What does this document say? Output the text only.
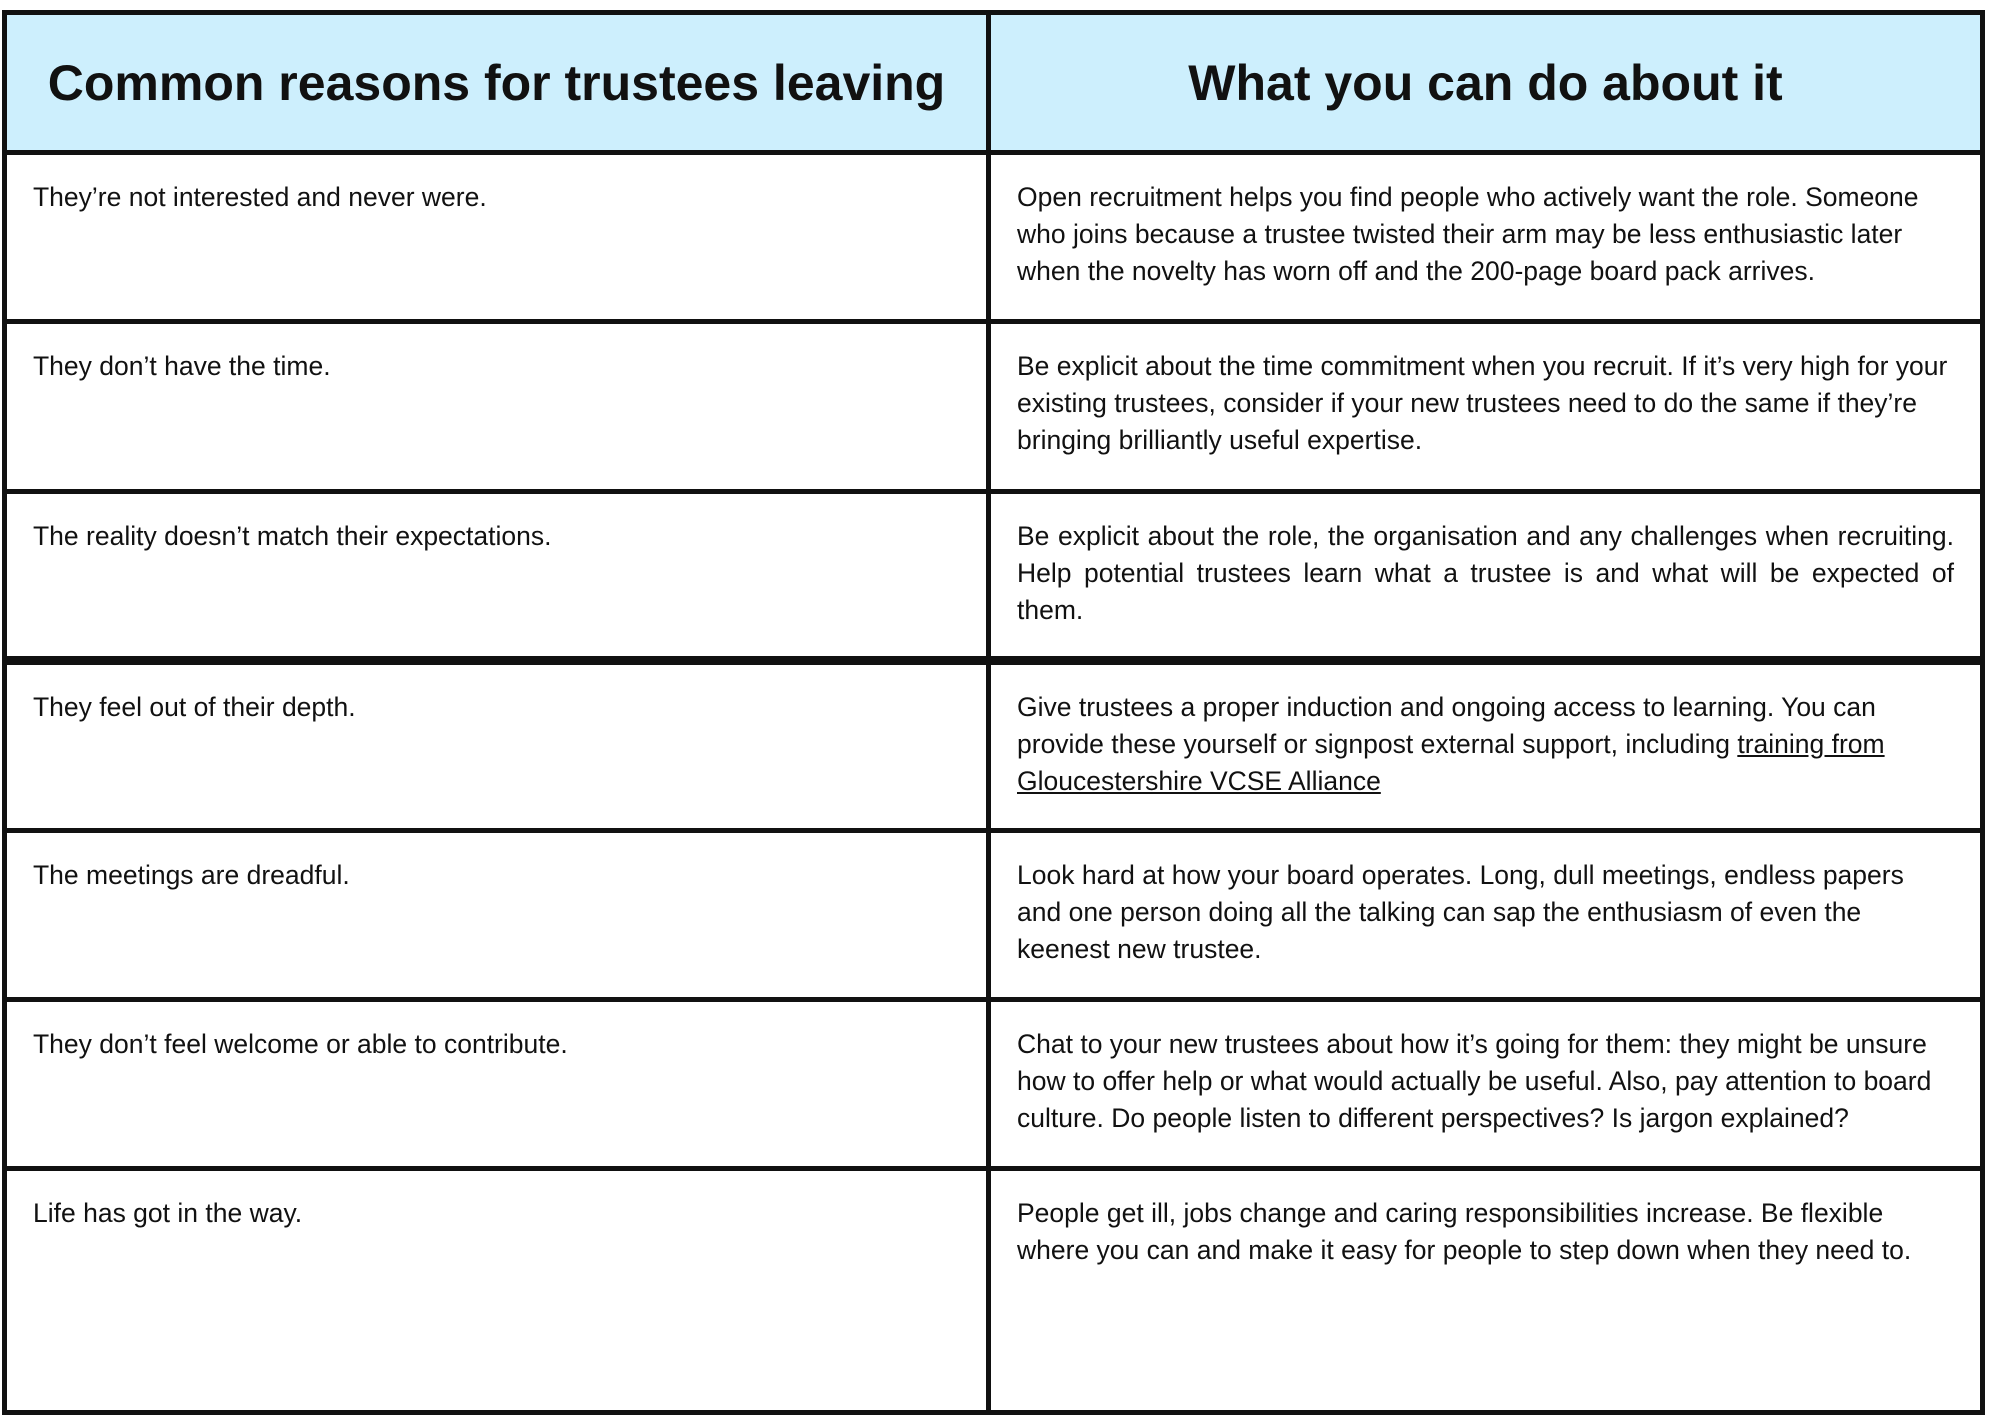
Common reasons for trustees leaving	What you can do about it
They’re not interested and never were.	Open recruitment helps you find people who actively want the role. Someone who joins because a trustee twisted their arm may be less enthusiastic later when the novelty has worn off and the 200-page board pack arrives.
They don’t have the time.	Be explicit about the time commitment when you recruit. If it’s very high for your existing trustees, consider if your new trustees need to do the same if they’re bringing brilliantly useful expertise.
The reality doesn’t match their expectations.	Be explicit about the role, the organisation and any challenges when recruiting. Help potential trustees learn what a trustee is and what will be expected of them.
They feel out of their depth.	Give trustees a proper induction and ongoing access to learning. You can provide these yourself or signpost external support, including training from Gloucestershire VCSE Alliance
The meetings are dreadful.	Look hard at how your board operates. Long, dull meetings, endless papers and one person doing all the talking can sap the enthusiasm of even the keenest new trustee.
They don’t feel welcome or able to contribute.	Chat to your new trustees about how it’s going for them: they might be unsure how to offer help or what would actually be useful. Also, pay attention to board culture. Do people listen to different perspectives? Is jargon explained?
Life has got in the way.	People get ill, jobs change and caring responsibilities increase. Be flexible where you can and make it easy for people to step down when they need to.
